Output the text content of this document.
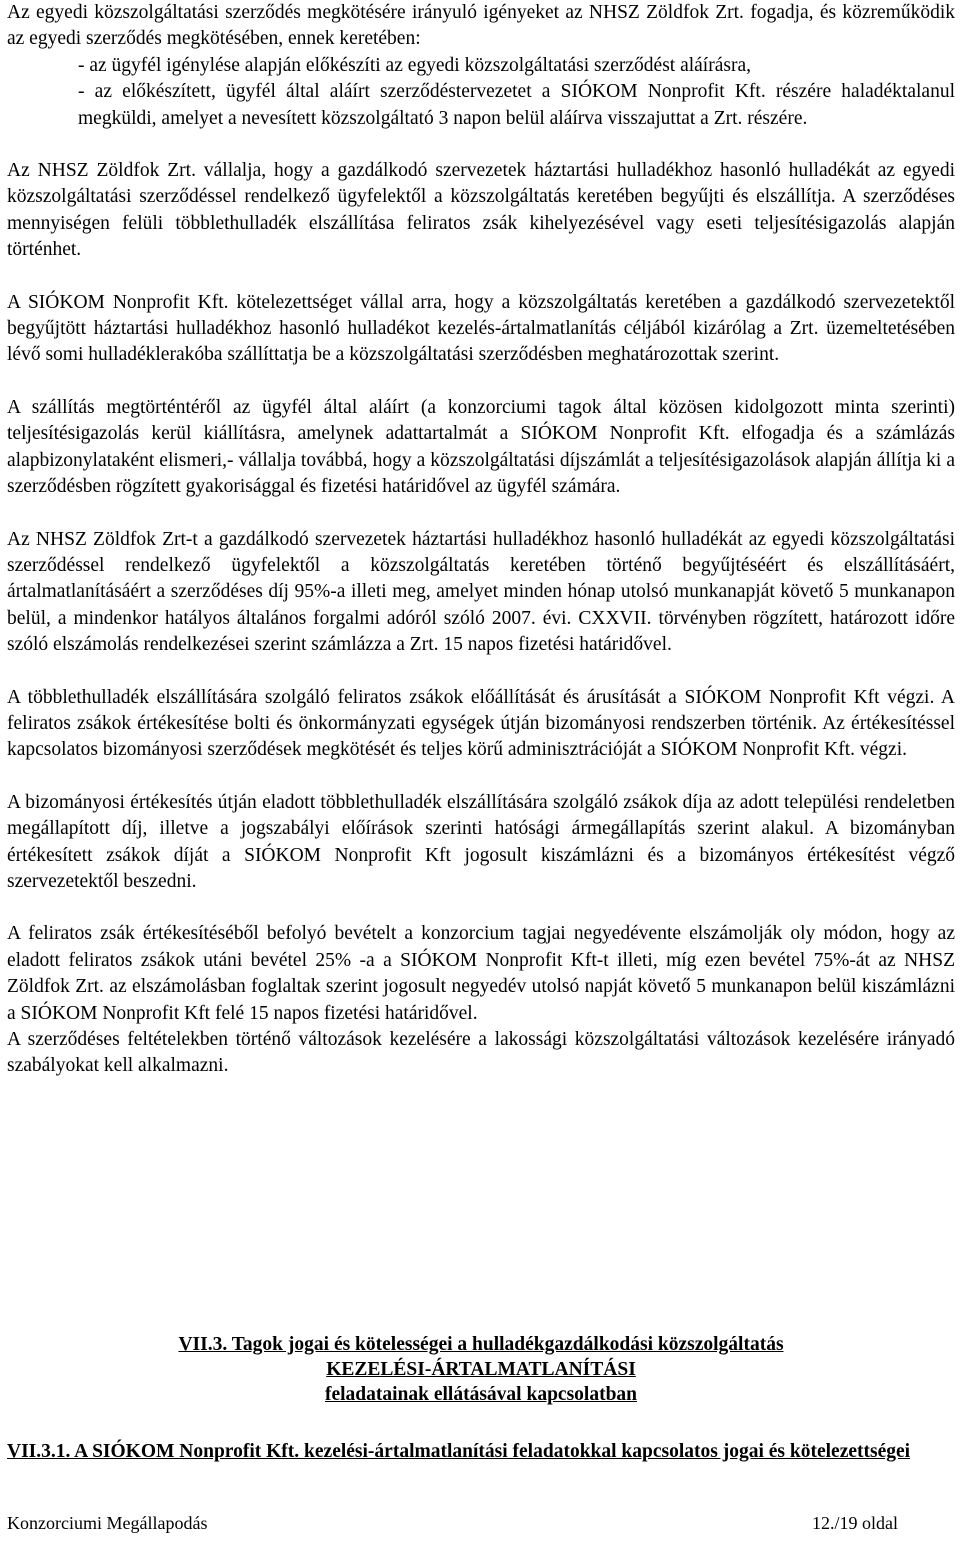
Az egyedi közszolgáltatási szerződés megkötésére irányuló igényeket az NHSZ Zöldfok Zrt. fogadja, és közreműködik az egyedi szerződés megkötésében, ennek keretében:

- az ügyfél igénylése alapján előkészíti az egyedi közszolgáltatási szerződést aláírásra,

- az előkészített, ügyfél által aláírt szerződéstervezetet a SIÓKOM Nonprofit Kft. részére haladéktalanul megküldi, amelyet a nevesített közszolgáltató 3 napon belül aláírva visszajuttat a Zrt. részére.

Az NHSZ Zöldfok Zrt. vállalja, hogy a gazdálkodó szervezetek háztartási hulladékhoz hasonló hulladékát az egyedi közszolgáltatási szerződéssel rendelkező ügyfelektől a közszolgáltatás keretében begyűjti és elszállítja. A szerződéses mennyiségen felüli többlethulladék elszállítása feliratos zsák kihelyezésével vagy eseti teljesítésigazolás alapján történhet.

A SIÓKOM Nonprofit Kft. kötelezettséget vállal arra, hogy a közszolgáltatás keretében a gazdálkodó szervezetektől begyűjtött háztartási hulladékhoz hasonló hulladékot kezelés-ártalmatlanítás céljából kizárólag a Zrt. üzemeltetésében lévő somi hulladéklerakóba szállíttatja be a közszolgáltatási szerződésben meghatározottak szerint.

A szállítás megtörténtéről az ügyfél által aláírt (a konzorciumi tagok által közösen kidolgozott minta szerinti) teljesítésigazolás kerül kiállításra, amelynek adattartalmát a SIÓKOM Nonprofit Kft. elfogadja és a számlázás alapbizonylataként elismeri,- vállalja továbbá, hogy a közszolgáltatási díjszámlát a teljesítésigazolások alapján állítja ki a szerződésben rögzített gyakorisággal és fizetési határidővel az ügyfél számára.

Az NHSZ Zöldfok Zrt-t a gazdálkodó szervezetek háztartási hulladékhoz hasonló hulladékát az egyedi közszolgáltatási szerződéssel rendelkező ügyfelektől a közszolgáltatás keretében történő begyűjtéséért és elszállításáért, ártalmatlanításáért a szerződéses díj 95%-a illeti meg, amelyet minden hónap utolsó munkanapját követő 5 munkanapon belül, a mindenkor hatályos általános forgalmi adóról szóló 2007. évi. CXXVII. törvényben rögzített, határozott időre szóló elszámolás rendelkezései szerint számlázza a Zrt. 15 napos fizetési határidővel.

A többlethulladék elszállítására szolgáló feliratos zsákok előállítását és árusítását a SIÓKOM Nonprofit Kft végzi. A feliratos zsákok értékesítése bolti és önkormányzati egységek útján bizományosi rendszerben történik. Az értékesítéssel kapcsolatos bizományosi szerződések megkötését és teljes körű adminisztrációját a SIÓKOM Nonprofit Kft. végzi.

A bizományosi értékesítés útján eladott többlethulladék elszállítására szolgáló zsákok díja az adott települési rendeletben megállapított díj, illetve a jogszabályi előírások szerinti hatósági ármegállapítás szerint alakul. A bizományban értékesített zsákok díját a SIÓKOM Nonprofit Kft jogosult kiszámlázni és a bizományos értékesítést végző szervezetektől beszedni.

A feliratos zsák értékesítéséből befolyó bevételt a konzorcium tagjai negyedévente elszámolják oly módon, hogy az eladott feliratos zsákok utáni bevétel 25% -a a SIÓKOM Nonprofit Kft-t illeti, míg ezen bevétel 75%-át az NHSZ Zöldfok Zrt. az elszámolásban foglaltak szerint jogosult negyedév utolsó napját követő 5 munkanapon belül kiszámlázni a SIÓKOM Nonprofit Kft felé 15 napos fizetési határidővel.

A szerződéses feltételekben történő változások kezelésére a lakossági közszolgáltatási változások kezelésére irányadó szabályokat kell alkalmazni.

VII.3. Tagok jogai és kötelességei a hulladékgazdálkodási közszolgáltatás
KEZELÉSI-ÁRTALMATLANÍTÁSI
feladatainak ellátásával kapcsolatban
VII.3.1. A SIÓKOM Nonprofit Kft. kezelési-ártalmatlanítási feladatokkal kapcsolatos jogai és kötelezettségei
Konzorciumi Megállapodás	12./19 oldal
